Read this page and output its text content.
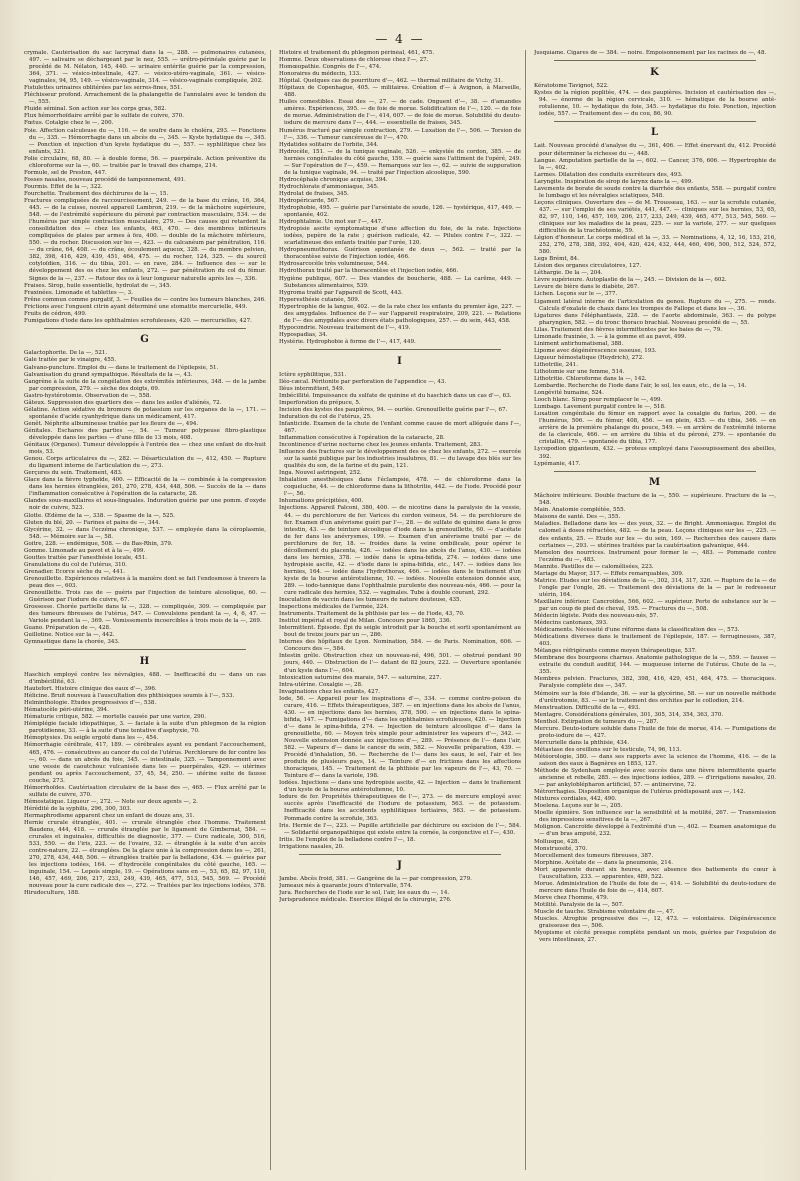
— 4 —

crymale. Cautérisation du sac lacrymal dans la —, 288. — pulmonaires cutanées, 497. — salivaire se déchargeant par le nez, 555. — urétro-périnéale guérie par le procédé de M. Nélaton, 145, 440. — urinaire entérite guérie par la compression, 364, 371. — vésico-intestinale, 427. — vésico-utéro-vaginale, 361. — vésico-vaginales, 94, 95, 149. — vésico-vaginale, 314. — vésico-vaginale compliquée, 202.

Fistulettes urinaires oblitérées par les serres-fines, 551.

Fléchisseur profond. Arrachement de la phalangette de l'annulaire avec le tendon du —, 555.

Fluide séminal. Son action sur les corps gras, 582.

Flux hémorrhoïdaire arrêté par le sulfate de cuivre, 370.

Fœtus. Cotalgie chez le —, 200.

Foie. Affection calculeuse du —, 116. — de soufre dans le choléra, 293. — Fonctions du —, 335. — Hémorrhagie dans un abcès du —, 345. — Kyste hydatique du —, 345. — Ponction et injection d'un kyste hydatique du —, 557. — syphilitique chez les enfants, 321.

Folie circulaire, 68, 80. — à double forme, 56. — puerpérale. Action préventive du chloroforme sur la —, 60. — traitée par le travail des champs, 214.

Formule, sel de Preston, 447.

Fosses nasales, nouveau procédé de tamponnement, 491.

Fourmis. Effet de la —, 322.

Fourchette. Traitement des déchirures de la —, 15.

Fractures compliquées de raccourcissement, 249. — de la base du crâne, 16, 364, 445. — de la cuisse, nouvel appareil Lambron, 219. — de la mâchoire supérieure, 548. — de l'extrémité supérieure du péroné par contraction musculaire, 534. — de l'humérus par simple contraction musculaire, 279. — Des causes qui retardent la consolidation des — chez les enfants, 463, 470. — des membres inférieurs compliquées de plaies par armes à feu, 400. — double de la mâchoire inférieure, 550. — du rocher. Discussion sur les —, 423. — du calcanéum par pénétration, 116. — du crâne, 64, 408. — du crâne, écoulement aqueux, 328. — du membre pelvien, 382, 398, 416, 429, 439, 451, 464, 475. — du rocher, 124, 325. — du sourcil cotyloïdien, 316. — du tibia, 201. — en rave, 284. — Influence des — sur le développement des os chez les enfants, 272. — par pénétration du col du fémur. Signes de la —, 237. — Retour des os à leur longueur naturelle après les —, 336.

Fraises. Sirop, huile essentielle, hydrolat de —, 345.

Fraxinées. Limonade et tablettes —, 3.

Frêne commun comme purgatif, 3. — Feuilles de — contre les tumeurs blanches, 246.

Frictions avec l'onguent citrin ayant déterminé une stomatite mercurielle, 449.

Fruits de cédron, 499.

Fumigations d'iode dans les ophthalmies scrofuleuses, 420. — mercurielles, 427.

G

Galactophorite. De la —, 521.

Gale traitée par le vinaigre, 455.

Galvano-puncture. Emploi du — dans le traitement de l'épilepsie, 51.

Galvanisation du grand sympathique. Résultats de la —, 43.

Gangrène à la suite de la congélation des extrémités inférieures, 348. — de la jambe par compression, 279. — sèche des doigts, 69.

Gastro-hystérotomie. Observation de —, 558.

Gâteux. Suppression des quartiers des — dans les asiles d'aliénés, 72.

Gélatine. Action sédative du bromure de potassium sur les organes de la —, 171. — spontanée d'acide cyanhydrique dans un médicament, 417.

Genêt. Néphrite albumineuse traitée par les fleurs de —, 494.

Génitales. Eschares des parties —, 54. — Tumeur polypeuse fibro-plastique développée dans les parties — d'une fille de 13 mois, 408.

Génitaux (Organes). Tumeur développée à l'entrée des — chez une enfant de dix-huit mois, 53.

Genou. Corps articulaires du —, 282. — Désarticulation du —, 412, 450. — Rupture du ligament interne de l'articulation du —, 273.

Gerçures du sein. Traitement, 483.

Glace dans la fièvre typhoïde, 400. — Efficacité de la — combinée à la compression dans les hernies étranglées, 261, 270, 278, 434, 448, 506. — Succès de la — dans l'inflammation consécutive à l'opération de la cataracte, 28.

Glandes sous-maxillaires et sous-linguales. Induration guérie par une pomm. d'oxyde noir de cuivre, 523.

Glotte. Œdème de la —, 338. — Spasme de la —, 525.

Gluten du blé, 20. — Farines et pains de —, 344.

Glycérine, 32. — dans l'eczéma chronique, 537. — employée dans la céroplasmie, 548. — Mémoire sur la —, 58.

Goitre, 228. — endémique, 508. — du Bas-Rhin, 379.

Gomme. Limonade au pavot et à la —, 499.

Gouttes traitée par l'anesthésie locale, 451.

Granulations du col de l'utérus, 310.

Grenadier. Ecorce sèche du —, 441.

Grenouillette. Expériences relatives à la manière dont se fait l'endosmose à travers la peau des —, 603.

Grenouillette. Trois cas de — guéris par l'injection de teinture alcoolique, 60. — Guérison par l'iodure de cuivre, 67.

Grossesse. Chorée partielle dans la —, 328. — compliquée, 309. — compliquée par des tumeurs fibreuses de l'utérus, 547. — Convulsions pendant la —, 4, 6, 47. — Variole pendant la —, 369. — Vomissements incoercibles à trois mois de la —, 269.

Guano. Préparation de —, 428.

Guillotine. Notice sur la —, 442.

Gymnastique dans la chorée, 343.

H

Haschich employé contre les névralgies, 488. — Inefficacité du — dans un cas d'imbécillité, 63.

Hautefort. Histoire clinique des eaux d'—, 396.

Hélicine. Bruit nouveau à l'auscultation des phthisiques soumis à l'—, 533.

Helminthologie. Etudes progressives d'—, 538.

Hématocèle péri-utérine, 394.

Hématurie critique, 582. — mortelle causée par une varice, 290.

Hémiplégie faciale idiopathique, 3. — faciale à la suite d'un phlegmon de la région parotidienne, 33. — à la suite d'une tentative d'asphyxie, 70.

Hémoptysies. Du seigle ergoté dans les —, 454.

Hémorrhagie cérébrale, 417, 189. — cérébrales ayant eu pendant l'accouchement, 465, 476. — consécutives au cancer du col de l'utérus. Perchlorure de fer contre les —, 60. — dans un abcès du foie, 345. — intestinale, 325. — Tamponnement avec une vessie de caoutchouc vulcanisée dans les — puerpérales, 429. — utérines pendant ou après l'accouchement, 37, 45, 54, 250. — utérine suite de fausse couche, 273.

Hémorrhoïdes. Cautérisation circulaire de la base des —, 465. — Flux arrêté par le sulfate de cuivre, 370.

Hémostatique. Liqueur —, 272. — Note sur deux agents —, 2.

Hérédité de la syphilis, 296, 300, 303.

Hermaphrodisme apparent chez un enfant de douze ans, 31.

Hernie crurale étranglée, 401. — crurale étranglée chez l'homme. Traitement Baudens, 444, 418. — crurale étranglée par le ligament de Gimbernat, 584. — crurales et inguinales, difficultés de diagnostic, 377. — Cure radicale, 300, 516, 533, 550. — de l'iris, 223. — de l'ovaire, 32. — étranglée à la suite d'un accès contre-nature, 22. — étranglées. De la glace unie à la compression dans les —, 261, 270, 278, 434, 448, 506. — étranglées traitée par la belladone, 434. — guéries par les injections iodées, 164. — d'hydrocèle congénitales du côté gauche, 165. — inguinale, 154. — Lepois simple, 19. — Opérations sans en —, 53, 65, 82, 97, 110, 146, 457, 469, 206, 217, 233, 249, 439, 465, 477, 513, 545, 569. — Procédé nouveau pour la cure radicale des —, 272. — Traitées par les injections iodées, 378.

Hirudoculture, 188.

Histoire et traitement du phlegmon périnéal, 461, 475.

Homme. Deux observations de chlorose chez l'—, 27.

Homœopathie. Congrès de l'—, 474.

Honoraires du médecin, 133.

Hôpital. Quelques cas de pourriture d'—, 462. — thermal militaire de Vichy, 31.

Hôpitaux de Copenhague, 405. — militaires. Création d'— à Avignon, à Marseille, 488.

Huiles comestibles. Essai des —, 27. — de cade. Onguent d'—, 38. — d'amandes amères. Expériences, 395. — de foie de morue. Solidification de l'—, 120. — de foie de morue. Administration de l'—, 414, 607. — de foie de morue. Solubilité du deuto-iodure de mercure dans l'—, 444. — essentielle de fraises, 345.

Humérus fracturé par simple contraction, 279. — Luxation de l'—, 506. — Torsion de l'—, 336. — Tumeur cancéreuse de l'—, 470.

Hydatides solitaire de l'orbite, 344.

Hydrocèle, 151. — de la tunique vaginale, 526. — enkystée du cordon, 385. — de hernies congénitales du côté gauche, 159. — guérie sans l'attiment de l'opéré, 249. — Sur l'opération de l'—, 459. — Remarques sur les —, 62. — suivie de suppuration de la tunique vaginale, 94. — traité par l'injection alcoolique, 590.

Hydrocéphale chronique acquise, 394.

Hydrochlorate d'ammoniaque, 345.

Hydrolat de fraises, 345.

Hydropéricarde, 567.

Hydrophobie, 495. — guérie par l'arséniate de soude, 126. — hystérique, 417, 449. — spontanée, 402.

Hydrophtalmie. Un mot sur l'—, 447.

Hydropisie ascite symptomatique d'une affection du foie, de la rate. Injections iodées, pepère de la rate ; guérison radicale, 42. — Pilules contre l'—, 322. — scarlatineuse des enfants traitée par l'urée, 120.

Hydropneumothorax. Guérison spontanée de deux —, 562. — traité par la thoracentèse suivie de l'injection iodée, 466.

Hydrosarcocèle très volumineuse, 544.

Hydrothorax traité par la thoracentèse et l'injection iodée, 466.

Hygiène publique, 607. — Des viandes de boucherie, 488. — La carême, 449. — Substances alimentaires, 539.

Hygroma traité par l'appareil de Scott, 443.

Hyperesthésie cutanée, 509.

Hypertrophie de la langue, 402. — de la rate chez les enfants du premier âge, 227. — des amygdales. Influence de l'— sur l'appareil respiratoire, 209, 221. — Relations de l'— des amygdales avec divers états pathologiques, 257. — du sein, 443, 458.

Hypocondrie. Nouveau traitement de l'—, 419.

Hypospadias, 34.

Hystérie. Hydrophobie à forme de l'—, 417, 449.

I

Ictère syphilitique, 531.

Iléo-cæcal. Péritonite par perforation de l'appendice —, 43.

Iléus intermittent, 549.

Imbécillité. Impuissance du sulfate de quinine et du haschich dans un cas d'—, 63.

Imperforation du prépuce, 5.

Incision des kystes des paupières, 94. — ourlée. Grenouillette guérie par l'—, 67.

Induration du col de l'utérus, 25.

Infanticide. Examen de la chute de l'enfant comme cause de mort alléguée dans l'—, 467.

Inflammation consécutive à l'opération de la cataracte, 28.

Incontinence d'urine nocturne chez les jeunes enfants. Traitement, 283.

Influence des fractures sur le développement des os chez les enfants, 272. — exercée sur la santé publique par les industries insalubres, 81. — du lavage des blés sur les qualités du son, de la farine et du pain, 121.

Inga. Nouvel astringent, 252.

Inhalation anesthésiques dans l'éclampsie, 478. — de chloroforme dans la coqueluche, 44. — de chloroforme dans la lithotritie, 442. — de l'iode. Procédé pour l'—, 56.

Inhumations précipitées, 400.

Injections. Appareil Falconi, 380, 400. — de nicotine dans la paralysie de la vessie, 44. — du perchlorure de fer. Varices du cordon veineux, 54. — du perchlorure de fer. Examen d'un anévrisme guéri par l'—, 28. — de sulfate de quinine dans le gros intestin, 43. — de teinture alcoolique d'iode dans la grenouillette, 60. — d'acétate de fer dans les anévrysmes, 199. — Examen d'un anévrisme traité par — de perchlorure de fer, 18. — froides dans la veine ombilicale, pour opérer le décollement du placenta, 426. — iodées dans les abcès de l'anus, 430. — iodées dans les hernies, 378. — iodée dans le spina-bifida, 274. — iodées dans une hydropisie ascite, 42. — d'iode dans le spina-bifida, etc., 147. — iodées dans les hernies, 164. — iodée dans l'hydrothorax, 466. — iodées dans le traitement d'un kyste de la bourse antérotulienne, 10. — iodées. Nouvelle extension donnée aux, 289. — iodo-tannique dans l'ophthalmie purulente des nouveau-nés, 466. — pour la cure radicale des hernies, 532. — vaginales. Tube à double courant, 292.

Inoculation de vaccin dans les tumeurs de nature douteuse, 435.

Inspections médicales de l'armée, 224.

Instruments. Traitement de la phthisie par les — de l'iode, 43, 70.

Institut impérial et royal de Milan. Concours pour 1865, 336.

Intermittent. Épisode. Épi du seigle introduit par la bouche et sorti spontanément au bout de treize jours par un —, 286.

Internes des hôpitaux de Lyon. Nomination, 584. — de Paris. Nomination, 606. — Concours des —, 584.

Intestin grêle. Obstruction chez un nouveau-né, 496, 501. — obstrué pendant 90 jours, 440. — Obstruction de l'— datant de 82 jours, 222. — Ouverture spontanée d'un kyste dans l'—, 604.

Intoxication saturnine des marais, 547. — saturnine, 227.

Intra-utérine. Coxalgie —, 28.

Invaginations chez les enfants, 427.

Iode, 56. — Appareil pour les inspirations d'—, 334. — comme contre-poison du curare, 416. — Effets thérapeutiques, 387. — en injections dans les abcès de l'anus, 430. — en injections dans les hernies, 378, 500. — en injections dans le spina-bifida, 147. — Fumigations d'— dans les ophthalmies scrofuleuses, 420. — Injection d'— dans le spina-bifida, 274. — Injection de teinture alcoolique d'— dans la grenouillette, 60. — Moyen très simple pour administrer les vapeurs d'—, 342. — Nouvelle extension donnée aux injections d'—, 289. — Présence de l'— dans l'air, 582. — Vapeurs d'— dans le cancer du sein, 582. — Nouvelle préparation, 439. — Procédé d'inhalation, 56. — Recherche de l'— dans les eaux, le sel, l'air et les produits de plusieurs pays, 14. — Teinture d'— en frictions dans les affections thoraciques, 145. — Traitement de la phthisie par les vapeurs de l'—, 43, 70. — Teinture d'— dans la variole, 198.

Iodées. Injections — dans une hydropisie ascite, 42. — Injection — dans le traitement d'un kyste de la bourse antérotulienne, 10.

Iodure de fer. Propriétés thérapeutiques de l'—, 273. — de mercure employé avec succès après l'inefficacité de l'iodure de potassium, 563. — de potassium. Inefficacité dans les accidents syphilitiques tertiaires, 563. — de potassium. Pommade contre la scrofule, 363.

Iris. Hernie de l'—, 223. — Pupille artificielle par déchirure ou excision de l'—, 584. — Solidarité organopathique qui existe entre la cornée, la conjonctive et l'—, 430.

Iritis. De l'emploi de la belladone contre l'—, 18.

Irrigations nasales, 20.

J

Jambe. Abcès froid, 381. — Gangrène de la — par compression, 279.

Jumeaux nés à quarante jours d'intervalle, 574.

Jura. Recherches de l'iode sur le sol, l'air, les eaux du —, 14.

Jurisprudence médicale. Exercice illégal de la chirurgie, 276.

Jusquiame. Cigares de — 384. — noire. Empoisonnement par les racines de —, 48.

K

Kératotome Tavignot, 522.

Kystes de la région poplitée, 474. — des paupières. Incision et cautérisation des —, 94. — énorme de la région cervicale, 310. — hématique de la bourse anté-rotulienne, 10. — hydatique du foie, 345. — hydatique du foie. Ponction, injection iodée, 557. — Traitement des — du cou, 86, 90.

L

Lait. Nouveau procédé d'analyse du —, 361, 406. — Effet énervant du, 412. Procédé pour déterminer la richesse du —, 448.

Langue. Amputation partielle de la —, 602. — Cancer, 376, 606. — Hypertrophie de la —, 402.

Larmes. Dilatation des conduits excréteurs des, 493.

Laryngite. Inspiration de sirop de larynx dans la —, 499.

Lavements de borate de soude contre la diarrhée des enfants, 558. — purgatif contre le lumbago et les névralgies sciatiques, 548.

Leçons cliniques. Ouverture des — de M. Trousseau, 163. — sur la scrofule cutanée, 437. — sur l'emploi de ses variétés, 441, 447. — cliniques sur les hernies, 53, 65, 82, 97, 110, 146, 457, 169, 206, 217, 233, 249, 439, 465, 477, 513, 545, 569. — cliniques sur les maladies de la peau, 225. — sur la variole, 277. — sur quelques difficultés de la trachéotomie, 59.

Légion d'honneur. Le corps médical et la —, 33. — Nominations, 4, 12, 16, 153, 216, 252, 276, 278, 388, 392, 404, 420, 424, 432, 444, 460, 496, 500, 512, 524, 572, 580.

Legs Brémt, 84.

Lésion des organes circulatoires, 127.

Léthargie. De la —, 204.

Lèvre supérieure. Autoplastie de la —, 245. — Division de la —, 602.

Levure de bière dans le diabète, 267.

Lichen. Leçons sur le —, 377.

Ligament latéral interne de l'articulation du genou. Rupture du —, 275. — ronds. Calculs d'oxalate de chaux dans les trompes de Fallope et dans les —, 36.

Ligatures dans l'éléphantiasis, 228. — de l'aorte abdominale, 363. — du polype pharyngien, 582. — du tronc thoraco brachial. Nouveau procédé de —, 55.

Lilas. Traitement des fièvres intermittentes par les baies de —, 79.

Limonade fraxinée, 3. — à la gomme et au pavot, 499.

Liniment antirhumatismal, 388.

Lipome avec dégénérescence osseuse, 193.

Liqueur hémostatique (Heydrich), 272.

Lithotrilie, 241.

Lithotomie sur une femme, 514.

Lithotritie. Chloroforme dans la —, 142.

Lombardie. Recherche de l'iode dans l'air, le sol, les eaux, etc., de la —, 14.

Longévité humaine, 524.

Looch blanc. Sirop pour remplacer le —, 499.

Lumbago. Lavement purgatif contre le —, 518.

Luxation congénitale du fémur en rapport avec la coxalgie du fœtus, 200. — de l'humérus, 506. — du fémur, 408, 456. — en plein, 435. — du tibia, 346. — en arrière de la première phalange du pouce, 549. — en arrière de l'extrémité interne de la clavicule, 466. — en arrière du tibia et du péroné, 279. — spontanée du cristallin, 479. — spontanée du tibia, 177.

Lycopodion giganteum, 432. — proteus employé dans l'assoupissement des abeilles, 392.

Lypémanie, 417.

M

Mâchoire inférieure. Double fracture de la —, 550. — supérieure. Fracture de la —, 548.

Main. Anatomie complétée, 555.

Maisons de santé. Des —, 355.

Maladies. Belladone dans les — des yeux, 32. — de Bright. Ammoniaque. Emploi du calomel à doses réfractées, 482. — de la peau. Leçons cliniques sur les —, 225. — des enfants, 25. — Etude sur les — du sein, 169. — Recherches des causes dans certaines —, 293. — utérines traitées par la cautérisation galvanique, 444.

Mamelon des nourrices. Instrument pour former le —, 483. — Pommade contre l'eczéma du —, 483.

Mannite. Pastilles de — calomélisées, 223.

Mariage du Mayor, 317. — Effets remarquables, 309.

Matrice. Etudes sur les déviations de la —, 302, 314, 317, 326. — Rupture de la — de l'ongle par l'ongle, 26. — Traitement des déviations de la — par le redresseur utérin, 164.

Maxillaire inférieur. Cancroïdes, 566, 602. — supérieur. Perte de substance sur le — par un coup de pied de cheval, 195. — Fractures du —, 508.

Médecin légiste. Poids des nouveau-nés, 57.

Médecins cantonaux, 393.

Médicaments. Nécessité d'une réforme dans la classification des —, 573.

Médications diverses dans le traitement de l'épilepsie, 187. — ferrugineuses, 387, 403.

Mélanges réfrigérants comme moyen thérapeutique, 537.

Membrane des bourgeons charnus. Anatomie pathologique de la —, 559. — fausse — extraite du conduit auditif, 144. — muqueuse interne de l'utérus. Chute de la —, 355.

Membres pelvien. Fractures, 382, 398, 416, 429, 451, 464, 475. — thoraciques. Paralysie complète des —, 347.

Mémoire sur la foie d'Islande, 36. — sur la glycérine, 58. — sur un nouvelle méthode d'urétrotomie, 83. — sur le traitement des orchites par le collodion, 214.

Menstruation. Difficulté de la —, 493.

Mentagre. Considérations générales, 301, 305, 314, 354, 363, 370.

Menthol. Extirpation de tumeurs du —, 287.

Mercure. Deuto-iodure soluble dans l'huile de foie de morue, 414. — Fumigations de proto-iodure de —, 427.

Mercurielle dans la phthisie, 434.

Métastase des oreillons sur le testicule, 74, 96, 113.

Météorologie, 380. — dans ses rapports avec la science de l'homme, 416. — de la saison des eaux à Bagnères en 1853, 127.

Méthode de Sydenham employée avec succès dans une fièvre intermittente quarte ancienne et rebelle, 285. — des injections iodées, 289. — d'irrigations nasales, 20. — par ankyloblépharon artificiel, 57. — antinervine, 72.

Métrorrhagies. Disposition organique de l'utérus prédisposant aux —, 142.

Mixtures cordiales, 442, 490.

Moelena. Leçons sur le —, 205.

Moelle épinière. Son influence sur la sensibilité et la motilité, 267. — Transmission des impressions sensitives de la —, 267.

Molignon. Cancroïde développé à l'extrémité d'un —, 402. — Examen anatomique du — d'un bras amputé, 232.

Mollusque, 428.

Monstruosité, 370.

Morcellement des tumeurs fibreuses, 387.

Morphine. Acétate de — dans la pneumonie, 214.

Mort apparente durant six heures, avec absence des battements du cœur à l'auscultation, 233. — apparentes, 489, 522.

Morue. Administration de l'huile de foie de —, 414. — Solubilité du deuto-iodure de mercure dans l'huile de foie de —, 414, 607.

Morve chez l'homme, 479.

Motilité. Paralysie de la —, 507.

Muscle de tauche. Strabisme volontaire du —, 47.

Muscles. Atrophie progressive des —, 12, 473. — volontaires. Dégénérescence graisseuse des —, 506.

Myopisme et cécité presque complète pendant un mois, guéries par l'expulsion de vers intestinaux, 27.
